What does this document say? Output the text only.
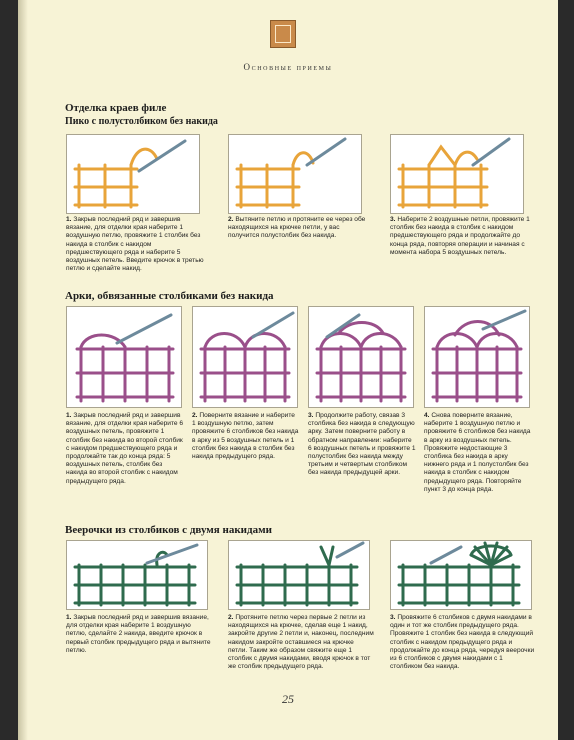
Основные приемы
Отделка краев филе
Пико с полустолбиком без накида
1. Закрыв последний ряд и завершив вязание, для отделки края наберите 1 воздушную петлю, провяжите 1 столбик без накида в столбик с накидом предшествующего ряда и наберите 5 воздушных петель. Введите крючок в третью петлю и сделайте накид.
2. Вытяните петлю и протяните ее через обе находящихся на крючке петли, у вас получится полустолбик без накида.
3. Наберите 2 воздушные петли, провяжите 1 столбик без накида в столбик с накидом предшествующего ряда и продолжайте до конца ряда, повторяя операции и начиная с момента набора 5 воздушных петель.
Арки, обвязанные столбиками без накида
1. Закрыв последний ряд и завершив вязание, для отделки края наберите 6 воздушных петель, провяжите 1 столбик без накида во второй столбик с накидом предшествующего ряда и продолжайте так до конца ряда: 5 воздушных петель, столбик без накида во второй столбик с накидом предыдущего ряда.
2. Поверните вязание и наберите 1 воздушную петлю, затем провяжите 6 столбиков без накида в арку из 5 воздушных петель и 1 столбик без накида в столбик без накида предыдущего ряда.
3. Продолжите работу, связав 3 столбика без накида в следующую арку. Затем поверните работу в обратном направлении: наберите 6 воздушных петель и провяжите 1 полустолбик без накида между третьим и четвертым столбиком без накида предыдущей арки.
4. Снова поверните вязание, наберите 1 воздушную петлю и провяжите 6 столбиков без накида в арку из воздушных петель. Провяжите недостающие 3 столбика без накида в арку нижнего ряда и 1 полустолбик без накида в столбик с накидом предыдущего ряда. Повторяйте пункт 3 до конца ряда.
Веерочки из столбиков с двумя накидами
1. Закрыв последний ряд и завершив вязание, для отделки края наберите 1 воздушную петлю, сделайте 2 накида, введите крючок в первый столбик предыдущего ряда и вытяните петлю.
2. Протяните петлю через первые 2 петли из находящихся на крючке, сделав еще 1 накид, закройте другие 2 петли и, наконец, последним накидом закройте оставшиеся на крючке петли. Таким же образом свяжите еще 1 столбик с двумя накидами, вводя крючок в тот же столбик предыдущего ряда.
3. Провяжите 6 столбиков с двумя накидами в один и тот же столбик предыдущего ряда. Провяжите 1 столбик без накида в следующий столбик с накидом предыдущего ряда и продолжайте до конца ряда, чередуя веерочки из 6 столбиков с двумя накидами с 1 столбиком без накида.
25
